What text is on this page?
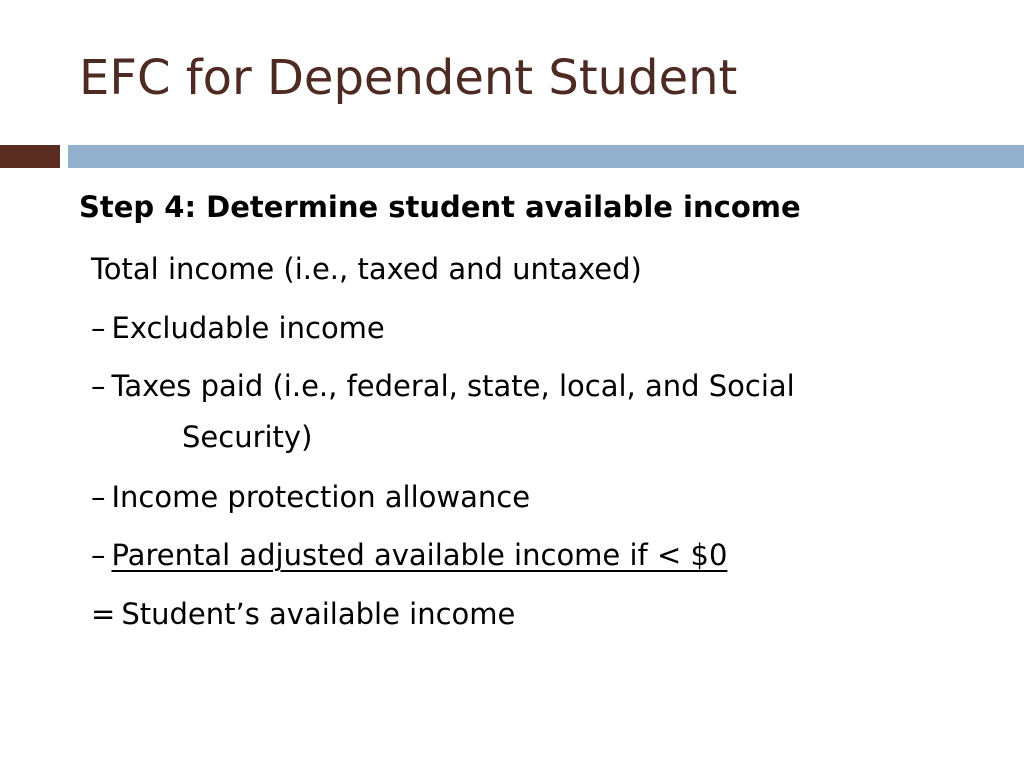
EFC for Dependent Student

Step 4: Determine student available income

Total income (i.e., taxed and untaxed)
– Excludable income
– Taxes paid (i.e., federal, state, local, and Social
Security)
– Income protection allowance
– Parental adjusted available income if < $0
= Student’s available income
